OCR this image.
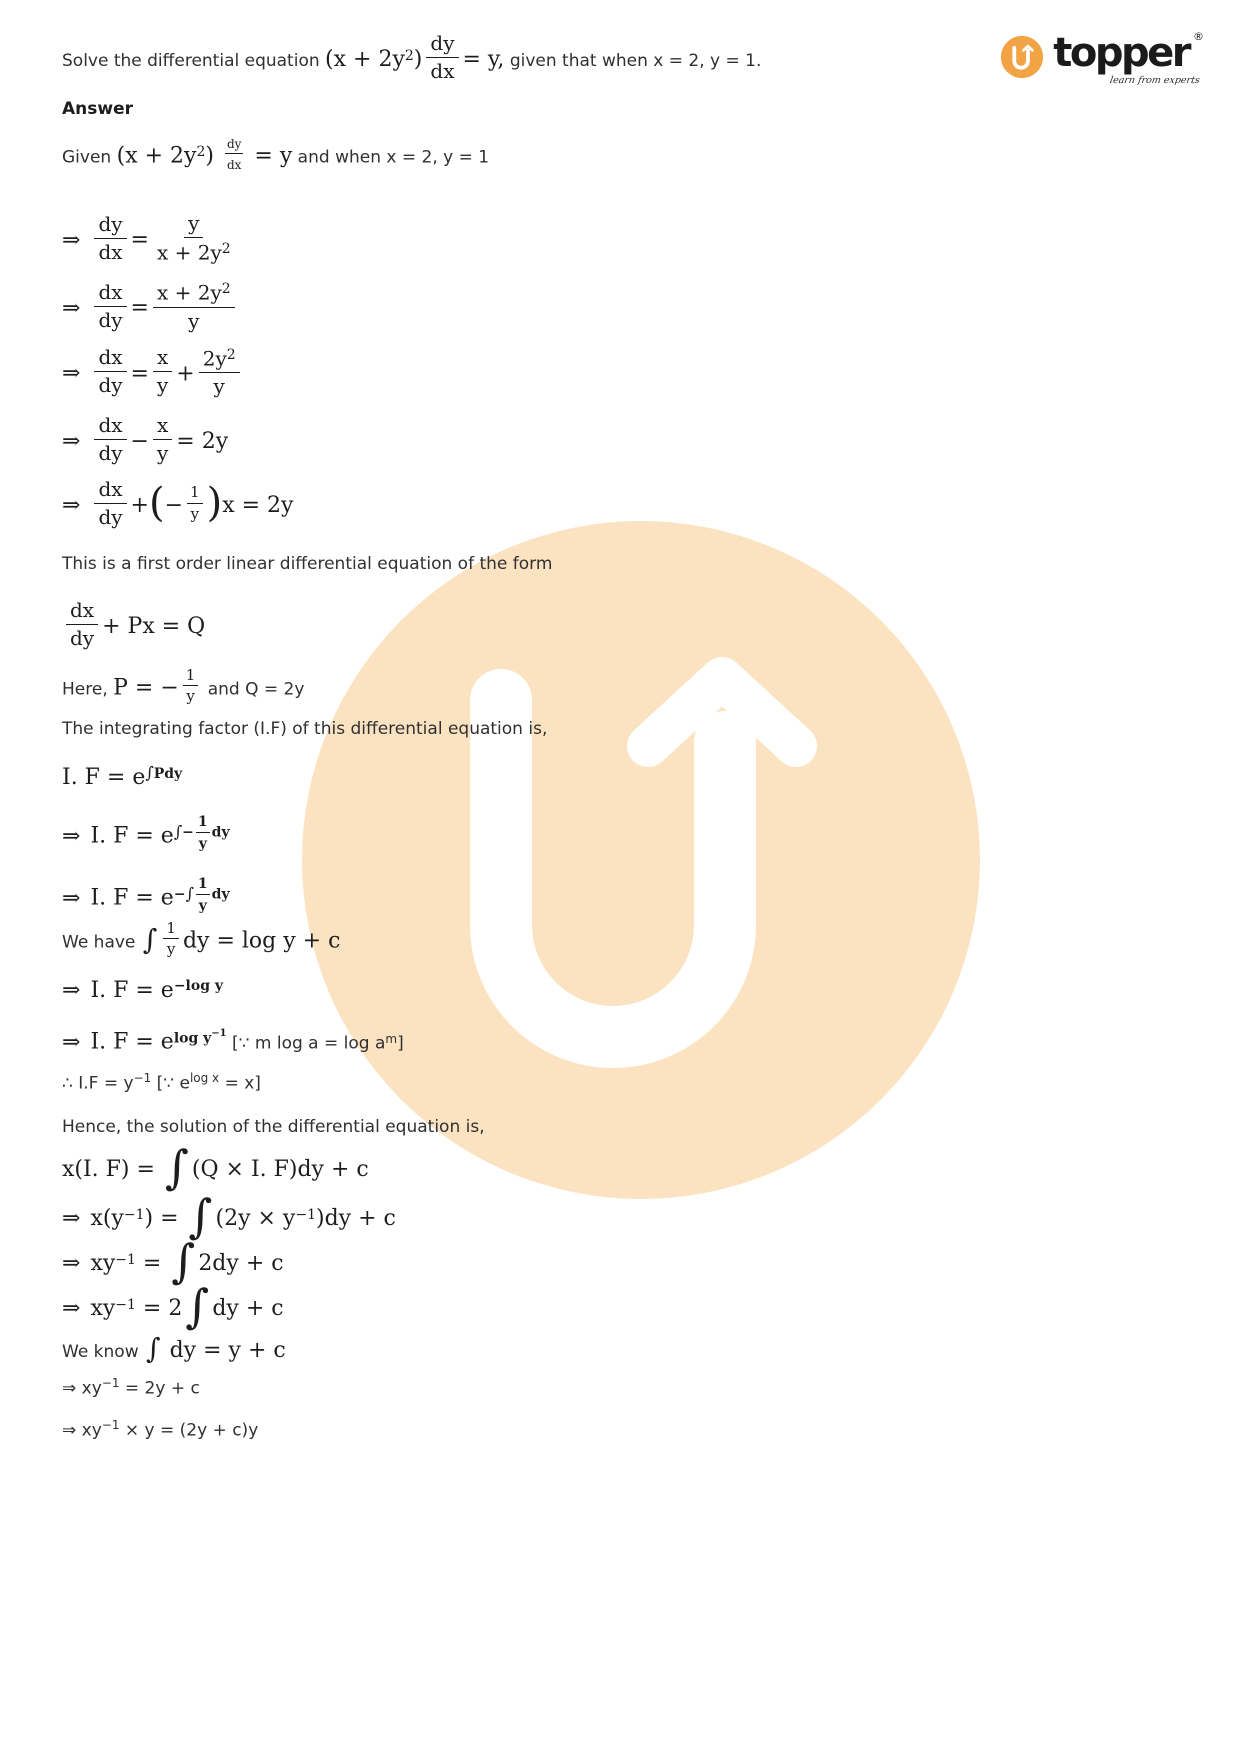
topper ®
learn from experts
Solve the differential equation $(x + 2y2) \frac{dy}{dx} = y$, given that when x = 2, y = 1.
Answer
Given $(x + 2y2) \frac{dy}{dx} = y$ and when x = 2, y = 1
⇒ $\frac{dy}{dx} = \frac{y}{x + 2y2}$
⇒ $\frac{dx}{dy} = \frac{x + 2y2}{y}$
⇒ $\frac{dx}{dy} = \frac{x}{y} + \frac{2y2}{y}$
⇒ $\frac{dx}{dy} - \frac{x}{y} = 2y$
⇒ $\frac{dx}{dy}$ +(− $\frac{1}{y} )x = 2y$
This is a first order linear differential equation of the form
$\frac{dx}{dy} + Px = Q$
Here, P = − $\frac{1}{y}$ and Q = 2y
The integrating factor (I.F) of this differential equation is,
I. F = e∫Pdy
⇒ I. $F = e\int- \frac{1}{y}$ dy
⇒ I. $F = e-\int \frac{1}{y}$ dy
We have ∫ $\frac{1}{y}$ dy = log y + c
⇒ I. F = e−log y
⇒ I. F = elog y−1 [∵ m log a = log am]
∴ I.F = y−1 [∵ elog x = x]
Hence, the solution of the differential equation is,
x(I. F) = ∫ (Q × I. F)dy + c
⇒ x(y−1) = ∫ (2y × y−1)dy + c
⇒ xy−1 = ∫ 2dy + c
⇒ xy−1 = 2∫ dy + c
We know ∫ dy = y + c
⇒ xy−1 = 2y + c
⇒ xy−1 × y = (2y + c)y
